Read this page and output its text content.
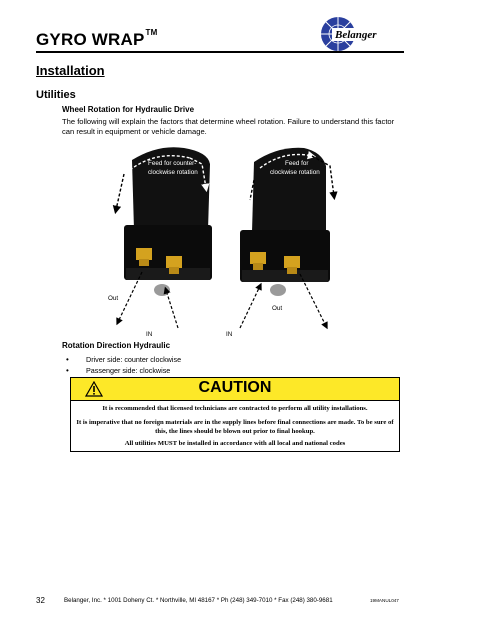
GYRO WRAP™	Belanger
Installation
Utilities
Wheel Rotation for Hydraulic Drive
The following will explain the factors that determine wheel rotation. Failure to understand this factor can result in equipment or vehicle damage.
Feed for counter-
clockwise rotation
Out
IN
Feed for
clockwise rotation
IN
Out
Rotation Direction Hydraulic
• Driver side: counter clockwise
• Passenger side: clockwise
CAUTION
It is recommended that licensed technicians are contracted to perform all utility installations.
It is imperative that no foreign materials are in the supply lines before final connections are made. To be sure of this, the lines should be blown out prior to final hookup.
All utilities MUST be installed in accordance with all local and national codes
32	Belanger, Inc. * 1001 Doheny Ct. * Northville, MI 48167 * Ph (248) 349-7010 * Fax (248) 380-9681	19MANUL047
